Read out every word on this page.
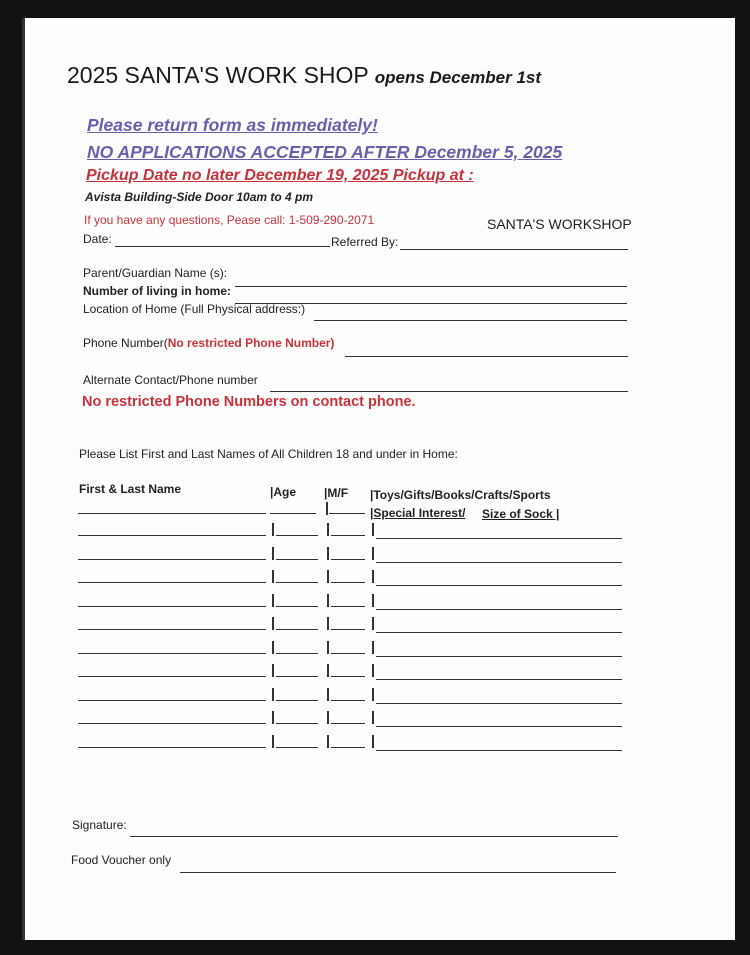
2025 SANTA'S WORK SHOP opens December 1st
Please return form as immediately!
NO APPLICATIONS ACCEPTED AFTER December 5, 2025
Pickup Date no later December 19, 2025 Pickup at :
Avista Building-Side Door 10am to 4 pm
If you have any questions, Pease call: 1-509-290-2071	SANTA'S WORKSHOP
Date:	Referred By:
Parent/Guardian Name (s):
Number of living in home:
Location of Home (Full Physical address:)
Phone Number(No restricted Phone Number)
Alternate Contact/Phone number
No restricted Phone Numbers on contact phone.
Please List First and Last Names of All Children 18 and under in Home:
First & Last Name	|Age |M/F |Toys/Gifts/Books/Crafts/Sports
|Special Interest/ Size of Sock |
Signature:
Food Voucher only
